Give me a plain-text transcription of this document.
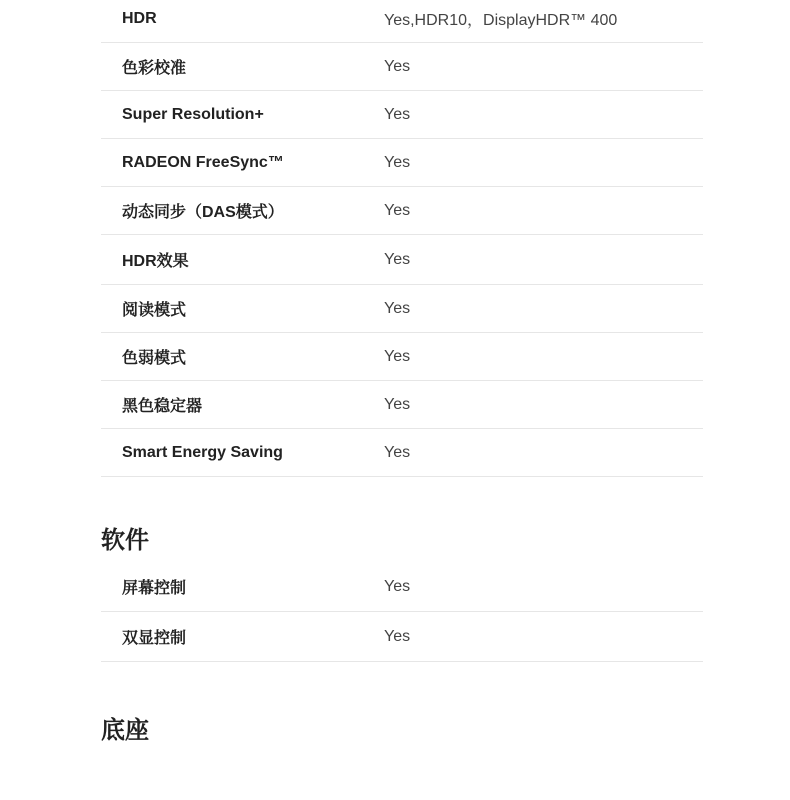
HDR	Yes,HDR10，DisplayHDR™ 400
色彩校准	Yes
Super Resolution+	Yes
RADEON FreeSync™	Yes
动态同步（DAS模式）	Yes
HDR效果	Yes
阅读模式	Yes
色弱模式	Yes
黑色稳定器	Yes
Smart Energy Saving	Yes
软件
屏幕控制	Yes
双显控制	Yes
底座
